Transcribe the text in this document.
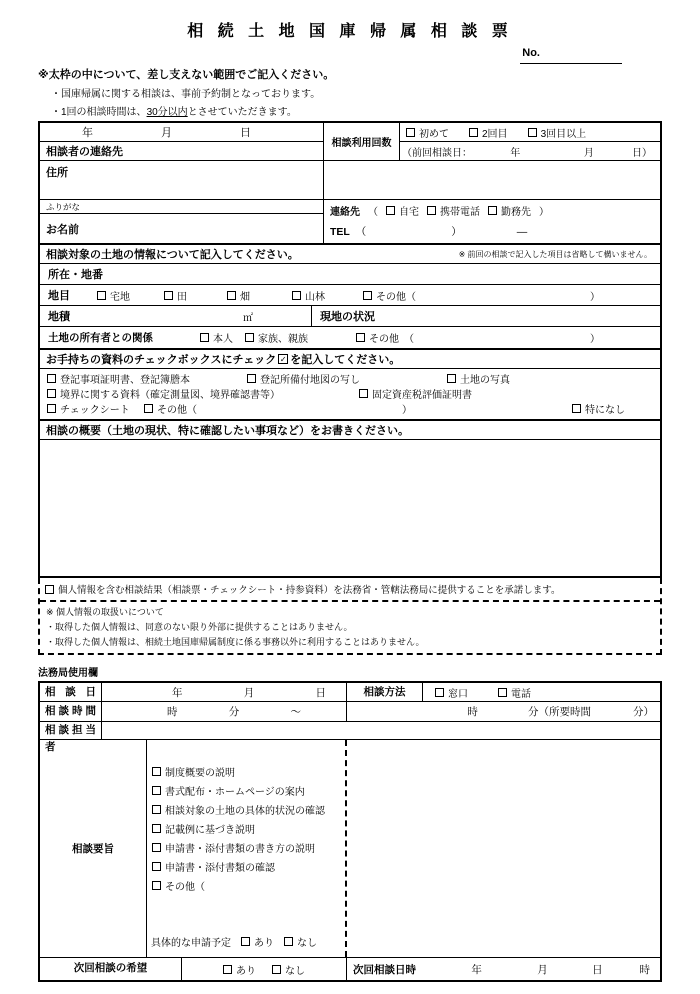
相 続 土 地 国 庫 帰 属 相 談 票
No.
※太枠の中について、差し支えない範囲でご記入ください。
・国庫帰属に関する相談は、事前予約制となっております。
・1回の相談時間は、30分以内とさせていただきます。
年	月	日
相談者の連絡先
住所
相談利用回数
初めて	2回目	3回目以上
（前回相談日：	年	月	日）
ふりがな
お名前
連絡先 （ 自宅 携帯電話 勤務先 ）
TEL
（	）	―
相談対象の土地の情報について記入してください。	※ 前回の相談で記入した項目は省略して構いません。
所在・地番
地目	宅地	田	畑	山林	その他（	）
地積	㎡	現地の状況
土地の所有者との関係	本人	家族、親族	その他　（	）
お手持ちの資料のチェックボックスにチェック ✓ を記入してください。
登記事項証明書、登記簿謄本	登記所備付地図の写し	土地の写真
境界に関する資料（確定測量図、境界確認書等）	固定資産税評価証明書
チェックシート	その他（	）	特になし
相談の概要（土地の現状、特に確認したい事項など）をお書きください。
個人情報を含む相談結果（相談票・チェックシート・持参資料）を法務省・管轄法務局に提供することを承諾します。
※ 個人情報の取扱いについて
・取得した個人情報は、同意のない限り外部に提供することはありません。
・取得した個人情報は、相続土地国庫帰属制度に係る事務以外に利用することはありません。
法務局使用欄
相談日	年	月	日	相談方法	窓口	電話
相談時間	時	分	～	時	分（所要時間　　　　分）
相談担当者
相談要旨
制度概要の説明
書式配布・ホームページの案内
相談対象の土地の具体的状況の確認
記載例に基づき説明
申請書・添付書類の書き方の説明
申請書・添付書類の確認
その他（
具体的な申請予定 あり なし
次回相談の希望	あり	なし	次回相談日時	年	月	日	時
